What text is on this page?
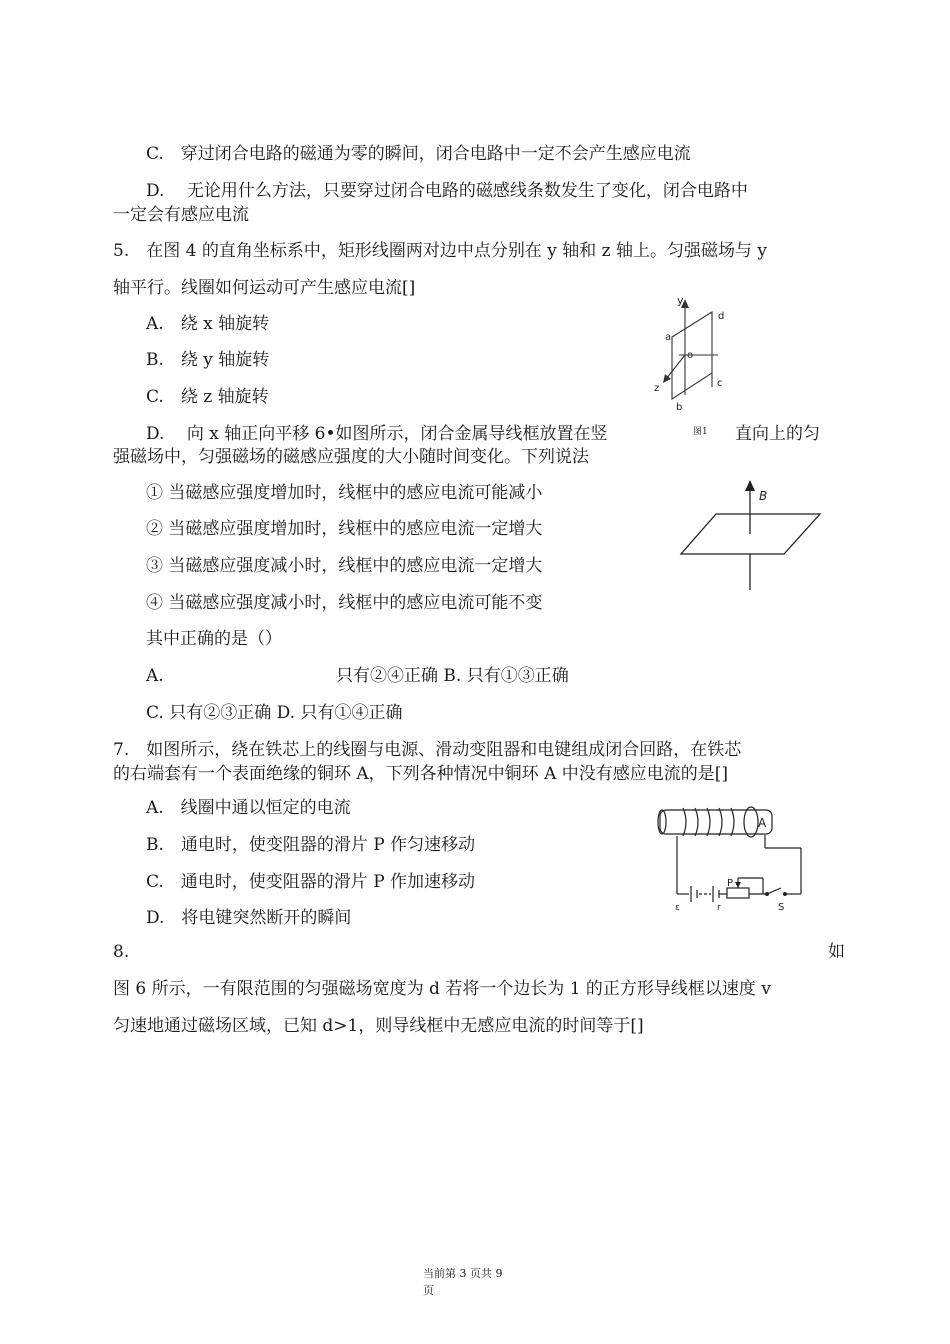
C.　穿过闭合电路的磁通为零的瞬间，闭合电路中一定不会产生感应电流
D.　 无论用什么方法，只要穿过闭合电路的磁感线条数发生了变化，闭合电路中
一定会有感应电流
5.　在图 4 的直角坐标系中，矩形线圈两对边中点分别在 y 轴和 z 轴上。匀强磁场与 y
轴平行。线圈如何运动可产生感应电流[]
A.　绕 x 轴旋转
B.　绕 y 轴旋转
C.　绕 z 轴旋转
D.　 向 x 轴正向平移 6•如图所示，闭合金属导线框放置在竖	图1 直向上的匀
y
a
d
o
z	c
b
强磁场中，匀强磁场的磁感应强度的大小随时间变化。下列说法
① 当磁感应强度增加时，线框中的感应电流可能减小
② 当磁感应强度增加时，线框中的感应电流一定增大
③ 当磁感应强度减小时，线框中的感应电流一定增大
④ 当磁感应强度减小时，线框中的感应电流可能不变
其中正确的是（）
A.	只有②④正确 B. 只有①③正确
C. 只有②③正确 D. 只有①④正确
B
7.　如图所示，绕在铁芯上的线圈与电源、滑动变阻器和电键组成闭合回路，在铁芯
的右端套有一个表面绝缘的铜环 A，下列各种情况中铜环 A 中没有感应电流的是[]
A.　线圈中通以恒定的电流
B.　通电时，使变阻器的滑片 P 作匀速移动
C.　通电时，使变阻器的滑片 P 作加速移动
D.　将电键突然断开的瞬间
A
P
ε	r	S
8.	如
图 6 所示，一有限范围的匀强磁场宽度为 d 若将一个边长为 1 的正方形导线框以速度 v
匀速地通过磁场区域，已知 d>1，则导线框中无感应电流的时间等于[]
当前第 3 页共 9
页
